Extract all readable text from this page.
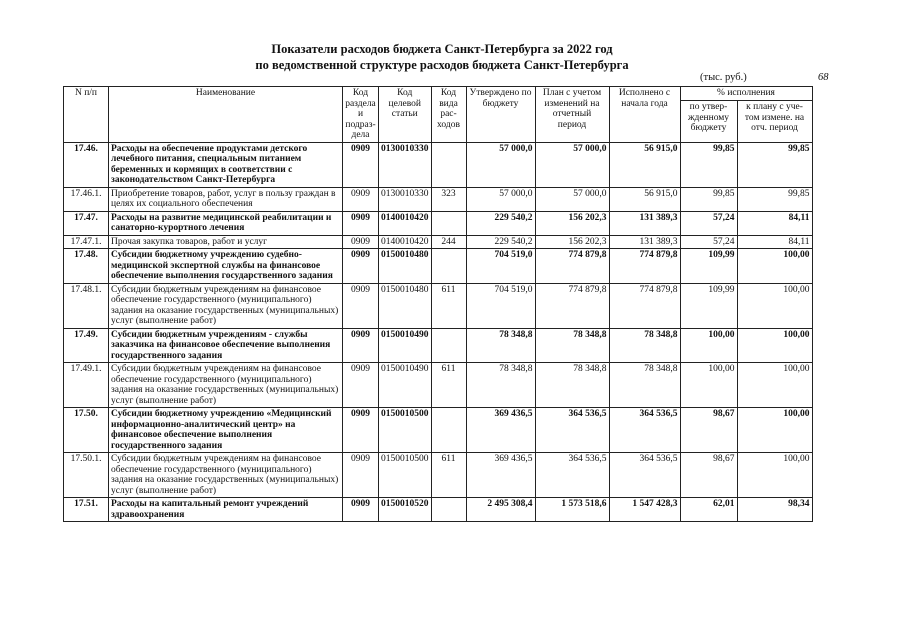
Показатели расходов бюджета Санкт-Петербурга за 2022 год
по ведомственной структуре расходов бюджета Санкт-Петербурга
(тыс. руб.)	68
N п/п	Наименование	Код раздела и подраз-дела	Код целевой статьи	Код вида рас-ходов	Утверждено по бюджету	План с учетом изменений на отчетный период	Исполнено с начала года	% исполнения	
								по утвер-жденному бюджету	к плану с уче-том измене. на отч. период
17.46.	Расходы на обеспечение продуктами детского лечебного питания, специальным питанием беременных и кормящих в соответствии с законодательством Санкт-Петербурга	0909	0130010330		57 000,0	57 000,0	56 915,0	99,85	99,85
17.46.1.	Приобретение товаров, работ, услуг в пользу граждан в целях их социального обеспечения	0909	0130010330	323	57 000,0	57 000,0	56 915,0	99,85	99,85
17.47.	Расходы на развитие медицинской реабилитации и санаторно-курортного лечения	0909	0140010420		229 540,2	156 202,3	131 389,3	57,24	84,11
17.47.1.	Прочая закупка товаров, работ и услуг	0909	0140010420	244	229 540,2	156 202,3	131 389,3	57,24	84,11
17.48.	Субсидии бюджетному учреждению судебно-медицинской экспертной службы на финансовое обеспечение выполнения государственного задания	0909	0150010480		704 519,0	774 879,8	774 879,8	109,99	100,00
17.48.1.	Субсидии бюджетным учреждениям на финансовое обеспечение государственного (муниципального) задания на оказание государственных (муниципальных) услуг (выполнение работ)	0909	0150010480	611	704 519,0	774 879,8	774 879,8	109,99	100,00
17.49.	Субсидии бюджетным учреждениям - службы заказчика на финансовое обеспечение выполнения государственного задания	0909	0150010490		78 348,8	78 348,8	78 348,8	100,00	100,00
17.49.1.	Субсидии бюджетным учреждениям на финансовое обеспечение государственного (муниципального) задания на оказание государственных (муниципальных) услуг (выполнение работ)	0909	0150010490	611	78 348,8	78 348,8	78 348,8	100,00	100,00
17.50.	Субсидии бюджетному учреждению «Медицинский информационно-аналитический центр» на финансовое обеспечение выполнения государственного задания	0909	0150010500		369 436,5	364 536,5	364 536,5	98,67	100,00
17.50.1.	Субсидии бюджетным учреждениям на финансовое обеспечение государственного (муниципального) задания на оказание государственных (муниципальных) услуг (выполнение работ)	0909	0150010500	611	369 436,5	364 536,5	364 536,5	98,67	100,00
17.51.	Расходы на капитальный ремонт учреждений здравоохранения	0909	0150010520		2 495 308,4	1 573 518,6	1 547 428,3	62,01	98,34
